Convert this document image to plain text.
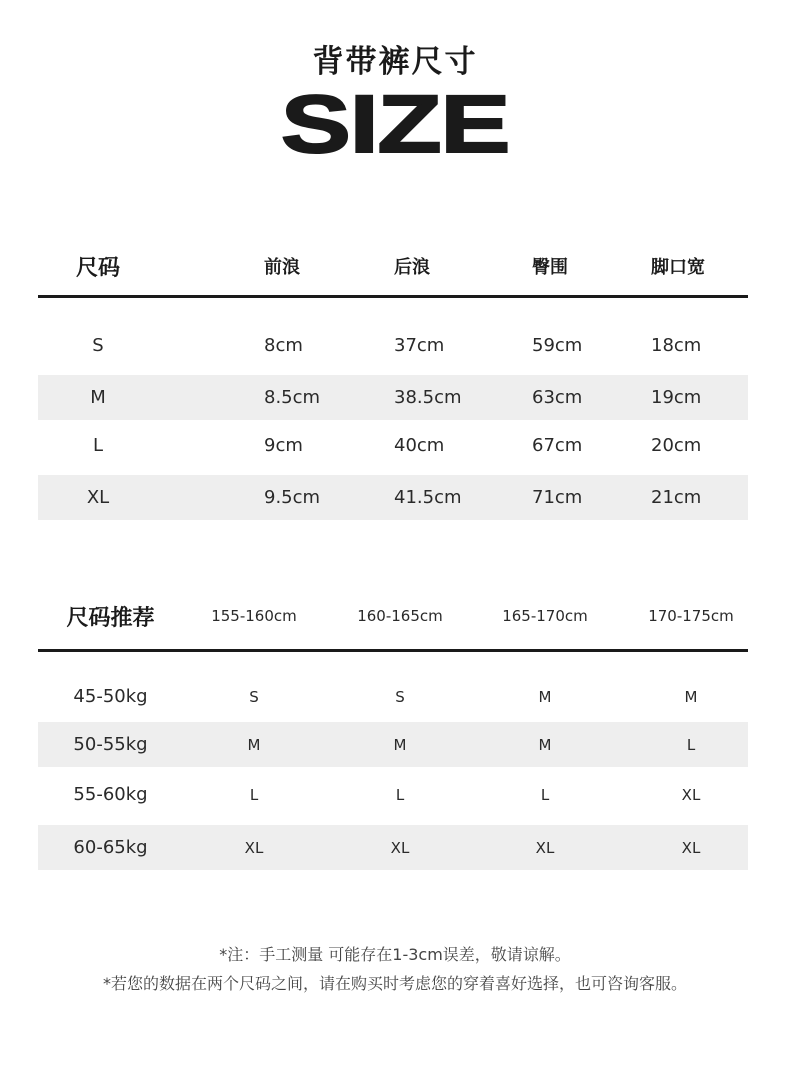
背带裤尺寸
SIZE
尺码	前浪	后浪	臀围	脚口宽
S	8cm	37cm	59cm	18cm
M	8.5cm	38.5cm	63cm	19cm
L	9cm	40cm	67cm	20cm
XL	9.5cm	41.5cm	71cm	21cm
尺码推荐	155-160cm	160-165cm	165-170cm	170-175cm
45-50kg	S	S	M	M
50-55kg	M	M	M	L
55-60kg	L	L	L	XL
60-65kg	XL	XL	XL	XL
*注：手工测量 可能存在1-3cm误差，敬请谅解。
*若您的数据在两个尺码之间，请在购买时考虑您的穿着喜好选择，也可咨询客服。
